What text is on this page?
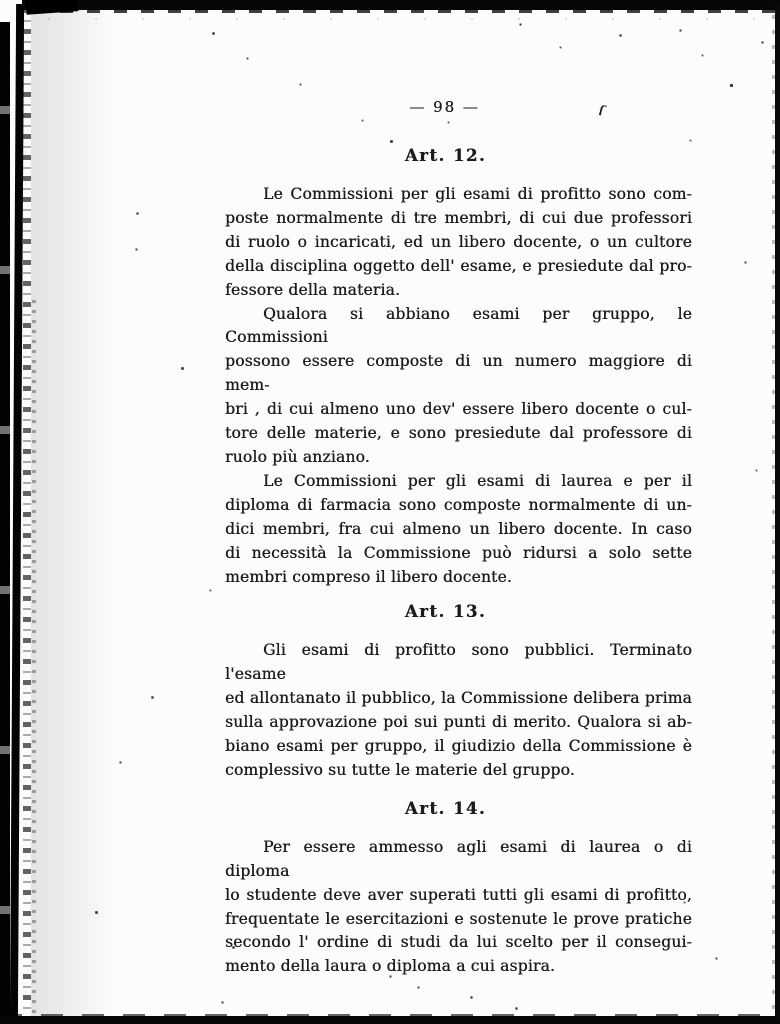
— 98 —
Art. 12.

Le Commissioni per gli esami di profitto sono com-
poste normalmente di tre membri, di cui due professori
di ruolo o incaricati, ed un libero docente, o un cultore
della disciplina oggetto dell' esame, e presiedute dal pro-
fessore della materia.

Qualora si abbiano esami per gruppo, le Commissioni
possono essere composte di un numero maggiore di mem-
bri , di cui almeno uno dev' essere libero docente o cul-
tore delle materie, e sono presiedute dal professore di
ruolo più anziano.

Le Commissioni per gli esami di laurea e per il
diploma di farmacia sono composte normalmente di un-
dici membri, fra cui almeno un libero docente. In caso
di necessità la Commissione può ridursi a solo sette
membri compreso il libero docente.

Art. 13.

Gli esami di profitto sono pubblici. Terminato l'esame
ed allontanato il pubblico, la Commissione delibera prima
sulla approvazione poi sui punti di merito. Qualora si ab-
biano esami per gruppo, il giudizio della Commissione è
complessivo su tutte le materie del gruppo.

Art. 14.

Per essere ammesso agli esami di laurea o di diploma
lo studente deve aver superati tutti gli esami di profitto,
frequentate le esercitazioni e sostenute le prove pratiche
secondo l' ordine di studi da lui scelto per il consegui-
mento della laura o diploma a cui aspira.
